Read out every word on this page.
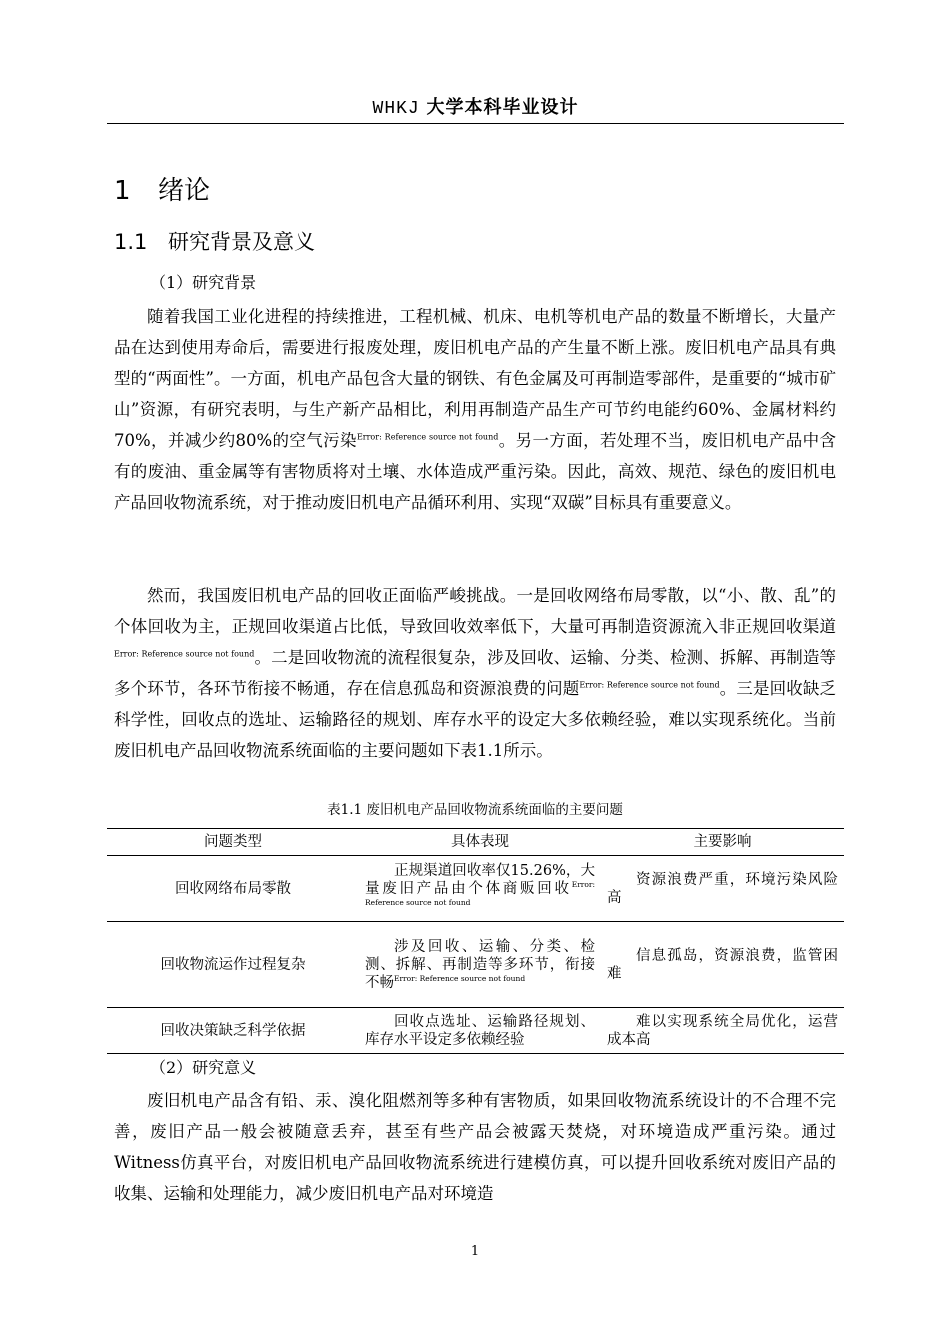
WHKJ 大学本科毕业设计
1 绪论
1.1 研究背景及意义
（1）研究背景

随着我国工业化进程的持续推进，工程机械、机床、电机等机电产品的数量不断增长，大量产品在达到使用寿命后，需要进行报废处理，废旧机电产品的产生量不断上涨。废旧机电产品具有典型的“两面性”。一方面，机电产品包含大量的钢铁、有色金属及可再制造零部件，是重要的“城市矿山”资源，有研究表明，与生产新产品相比，利用再制造产品生产可节约电能约60%、金属材料约70%，并减少约80%的空气污染$^{Error: Reference source not found}$。另一方面，若处理不当，废旧机电产品中含有的废油、重金属等有害物质将对土壤、水体造成严重污染。因此，高效、规范、绿色的废旧机电产品回收物流系统，对于推动废旧机电产品循环利用、实现“双碳”目标具有重要意义。

然而，我国废旧机电产品的回收正面临严峻挑战。一是回收网络布局零散，以“小、散、乱”的个体回收为主，正规回收渠道占比低，导致回收效率低下，大量可再制造资源流入非正规回收渠道$^{Error: Reference source not found}$。二是回收物流的流程很复杂，涉及回收、运输、分类、检测、拆解、再制造等多个环节，各环节衔接不畅通，存在信息孤岛和资源浪费的问题$^{Error: Reference source not found}$。三是回收缺乏科学性，回收点的选址、运输路径的规划、库存水平的设定大多依赖经验，难以实现系统化。当前废旧机电产品回收物流系统面临的主要问题如下表1.1所示。

表1.1 废旧机电产品回收物流系统面临的主要问题
问题类型	具体表现	主要影响
回收网络布局零散	正规渠道回收率仅15.26%，大量废旧产品由个体商贩回收$^{Error: Reference source not found}$	资源浪费严重，环境污染风险高
回收物流运作过程复杂	涉及回收、运输、分类、检测、拆解、再制造等多环节，衔接不畅$^{Error: Reference source not found}$	信息孤岛，资源浪费，监管困难
回收决策缺乏科学依据	回收点选址、运输路径规划、库存水平设定多依赖经验	难以实现系统全局优化，运营成本高
（2）研究意义

废旧机电产品含有铅、汞、溴化阻燃剂等多种有害物质，如果回收物流系统设计的不合理不完善，废旧产品一般会被随意丢弃，甚至有些产品会被露天焚烧，对环境造成严重污染。通过Witness仿真平台，对废旧机电产品回收物流系统进行建模仿真，可以提升回收系统对废旧产品的收集、运输和处理能力，减少废旧机电产品对环境造

1
